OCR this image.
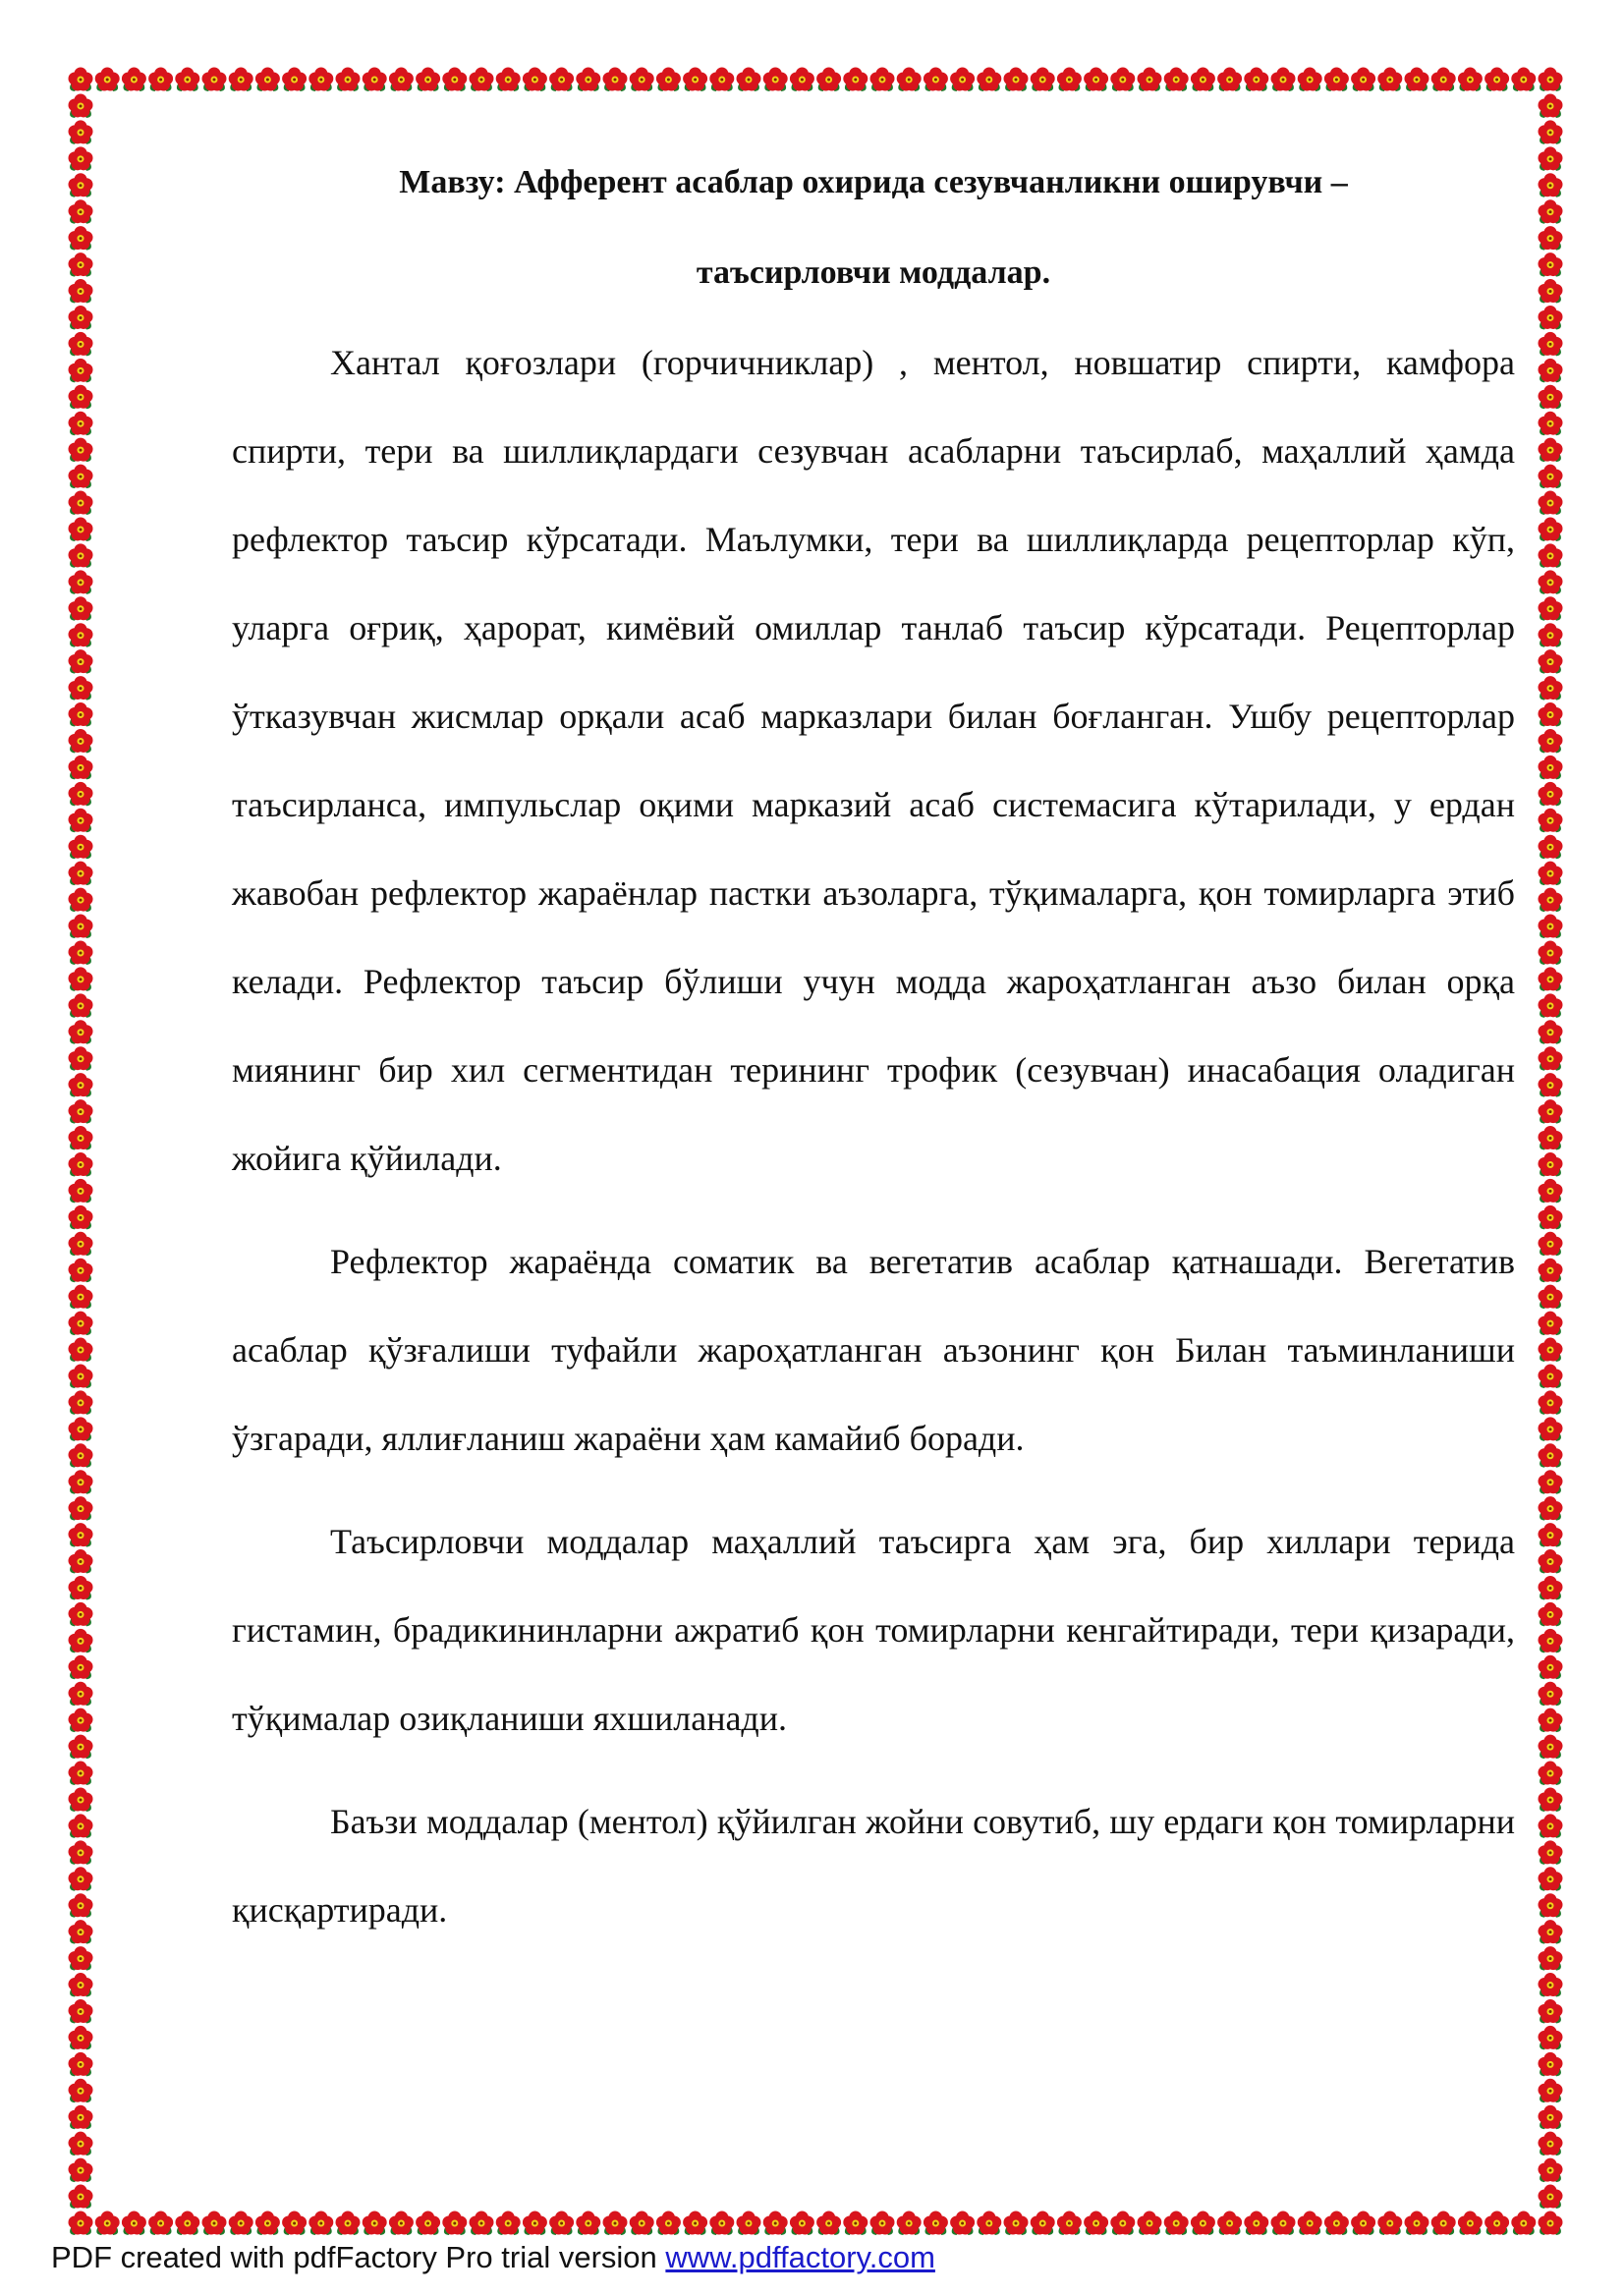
Мавзу: Афферент асаблар охирида сезувчанликни оширувчи –

таъсирловчи моддалар.

Хантал қоғозлари (горчичниклар) , ментол, новшатир спирти, камфора спирти, тери ва шиллиқлардаги сезувчан асабларни таъсирлаб, маҳаллий ҳамда рефлектор таъсир кўрсатади. Маълумки, тери ва шиллиқларда рецепторлар кўп, уларга оғриқ, ҳарорат, кимёвий омиллар танлаб таъсир кўрсатади. Рецепторлар ўтказувчан жисмлар орқали асаб марказлари билан боғланган. Ушбу рецепторлар таъсирланса, импульслар оқими марказий асаб системасига кўтарилади, у ердан жавобан рефлектор жараёнлар пастки аъзоларга, тўқималарга, қон томирларга этиб келади. Рефлектор таъсир бўлиши учун модда жароҳатланган аъзо билан орқа миянинг бир хил сегментидан терининг трофик (сезувчан) инасабация оладиган жойига қўйилади.

Рефлектор жараёнда соматик ва вегетатив асаблар қатнашади. Вегетатив асаблар қўзғалиши туфайли жароҳатланган аъзонинг қон Билан таъминланиши ўзгаради, яллиғланиш жараёни ҳам камайиб боради.

Таъсирловчи моддалар маҳаллий таъсирга ҳам эга, бир хиллари терида гистамин, брадикининларни ажратиб қон томирларни кенгайтиради, тери қизаради, тўқималар озиқланиши яхшиланади.

Баъзи моддалар (ментол) қўйилган жойни совутиб, шу ердаги қон томирларни қисқартиради.

PDF created with pdfFactory Pro trial version www.pdffactory.com
